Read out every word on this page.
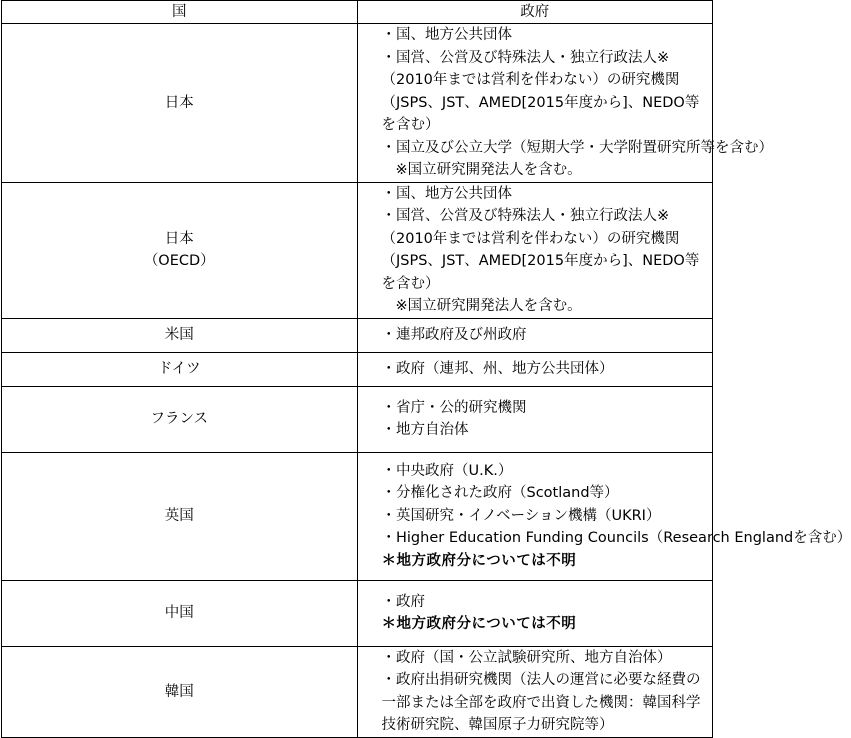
国	政府

日本	・国、地方公共団体
・国営、公営及び特殊法人・独立行政法人※（2010年までは営利を伴わない）の研究機関（JSPS、JST、AMED[2015年度から]、NEDO等を含む）
・国立及び公立大学（短期大学・大学附置研究所等を含む）
※国立研究開発法人を含む。

日本
（OECD）	・国、地方公共団体
・国営、公営及び特殊法人・独立行政法人※（2010年までは営利を伴わない）の研究機関（JSPS、JST、AMED[2015年度から]、NEDO等を含む）
※国立研究開発法人を含む。

米国	・連邦政府及び州政府

ドイツ	・政府（連邦、州、地方公共団体）

フランス	・省庁・公的研究機関
・地方自治体

英国	・中央政府（U.K.）
・分権化された政府（Scotland等）
・英国研究・イノベーション機構（UKRI）
・Higher Education Funding Councils（Research Englandを含む）
＊地方政府分については不明

中国	・政府
＊地方政府分については不明

韓国	・政府（国・公立試験研究所、地方自治体）
・政府出捐研究機関（法人の運営に必要な経費の一部または全部を政府で出資した機関：韓国科学技術研究院、韓国原子力研究院等）
